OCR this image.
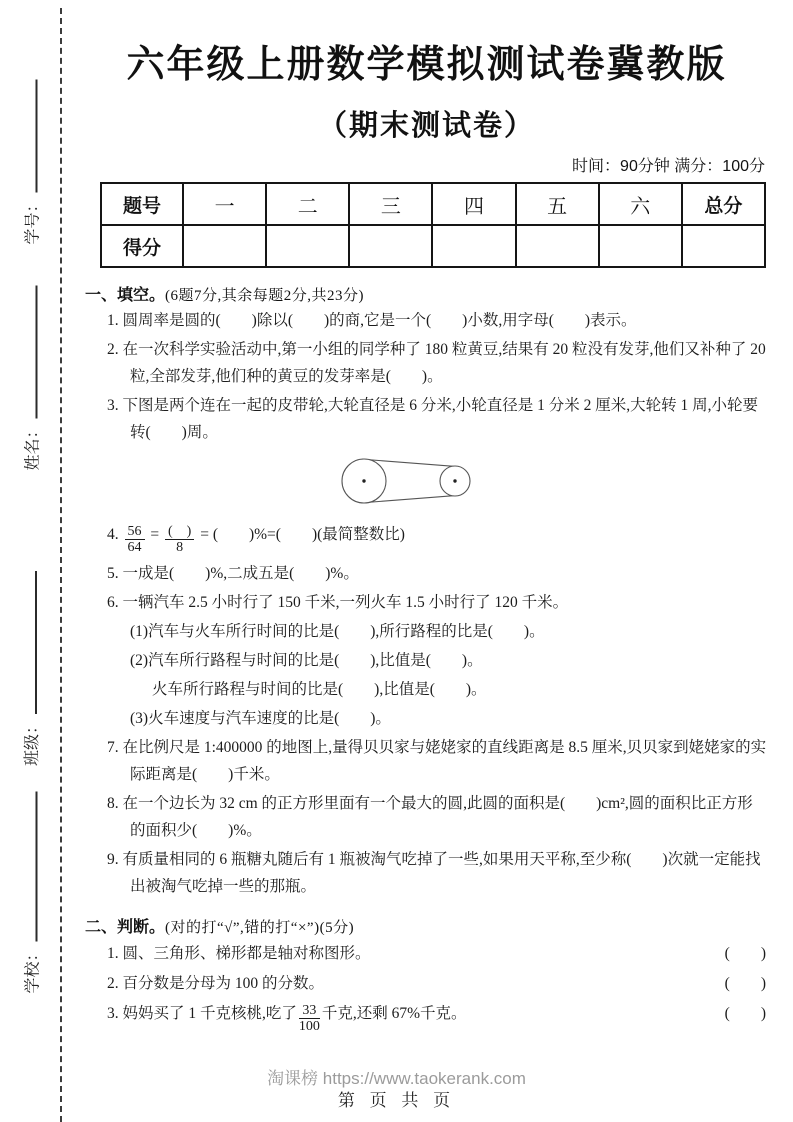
学号：
姓名：
班级：
学校：
六年级上册数学模拟测试卷冀教版
（期末测试卷）
时间：90分钟 满分：100分
题号	一	二	三	四	五	六	总分
得分							
一、填空。(6题7分,其余每题2分,共23分)

1. 圆周率是圆的(　　)除以(　　)的商,它是一个(　　)小数,用字母(　　)表示。

2. 在一次科学实验活动中,第一小组的同学种了 180 粒黄豆,结果有 20 粒没有发芽,他们又补种了 20 粒,全部发芽,他们种的黄豆的发芽率是(　　)。

3. 下图是两个连在一起的皮带轮,大轮直径是 6 分米,小轮直径是 1 分米 2 厘米,大轮转 1 周,小轮要转(　　)周。

4. $\frac{56}{64} = \frac{( )}{8}$ = (　　)%=(　　)(最简整数比)

5. 一成是(　　)%,二成五是(　　)%。

6. 一辆汽车 2.5 小时行了 150 千米,一列火车 1.5 小时行了 120 千米。

(1)汽车与火车所行时间的比是(　　),所行路程的比是(　　)。

(2)汽车所行路程与时间的比是(　　),比值是(　　)。

火车所行路程与时间的比是(　　),比值是(　　)。

(3)火车速度与汽车速度的比是(　　)。

7. 在比例尺是 1:400000 的地图上,量得贝贝家与姥姥家的直线距离是 8.5 厘米,贝贝家到姥姥家的实际距离是(　　)千米。

8. 在一个边长为 32 cm 的正方形里面有一个最大的圆,此圆的面积是(　　)cm²,圆的面积比正方形的面积少(　　)%。

9. 有质量相同的 6 瓶糖丸随后有 1 瓶被淘气吃掉了一些,如果用天平称,至少称(　　)次就一定能找出被淘气吃掉一些的那瓶。

二、判断。(对的打“√”,错的打“×”)(5分)
1. 圆、三角形、梯形都是轴对称图形。	(　　)
2. 百分数是分母为 100 的分数。	(　　)
3. 妈妈买了 1 千克核桃,吃了 $\frac{33}{100}$ 千克,还剩 67%千克。	(　　)
淘课榜 https://www.taokerank.com
第 页 共 页
